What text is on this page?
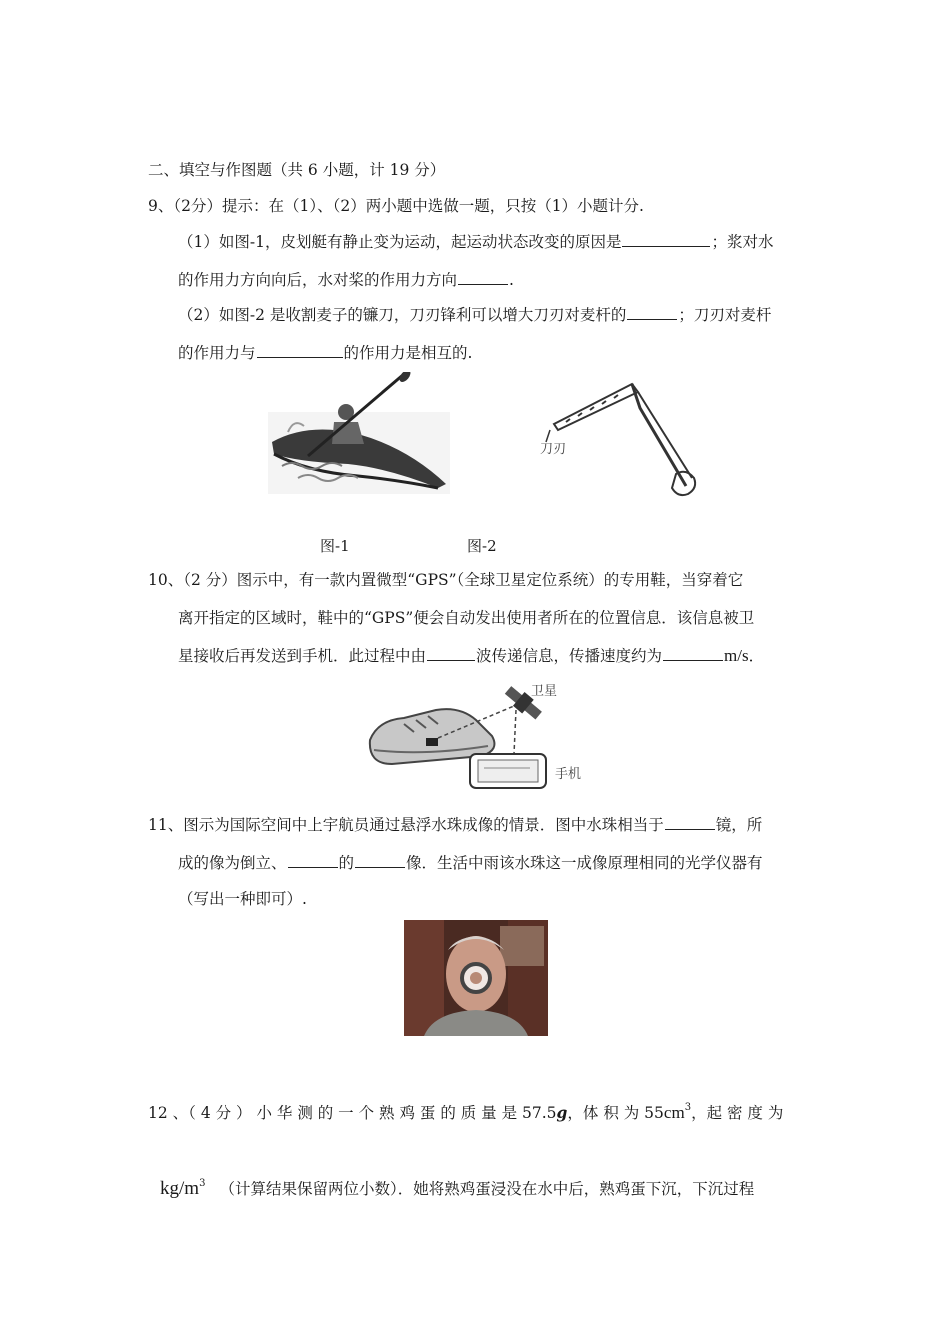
二、填空与作图题（共 6 小题，计 19 分）
9、（2分）提示：在（1）、（2）两小题中选做一题，只按（1）小题计分.
（1）如图-1，皮划艇有静止变为运动，起运动状态改变的原因是	；浆对水
的作用力方向向后，水对桨的作用力方向	.
（2）如图-2 是收割麦子的镰刀，刀刃锋利可以增大刀刃对麦杆的	；刀刃对麦杆
的作用力与	的作用力是相互的.
刀刃
图-1	图-2
10、（2 分）图示中，有一款内置微型“GPS”（全球卫星定位系统）的专用鞋，当穿着它
离开指定的区域时，鞋中的“GPS”便会自动发出使用者所在的位置信息．该信息被卫
星接收后再发送到手机．此过程中由	波传递信息，传播速度约为	m/s．
卫星
手机
11、图示为国际空间中上宇航员通过悬浮水珠成像的情景．图中水珠相当于	镜，所
成的像为倒立、	的	像．生活中雨该水珠这一成像原理相同的光学仪器有
（写出一种即可）.
12 、（ 4 分 ） 小 华 测 的 一 个 熟 鸡 蛋 的 质 量 是 57.5g，体 积 为 $55cm^3$，起 密 度 为
$kg/m^3$ （计算结果保留两位小数）．她将熟鸡蛋浸没在水中后，熟鸡蛋下沉，下沉过程
